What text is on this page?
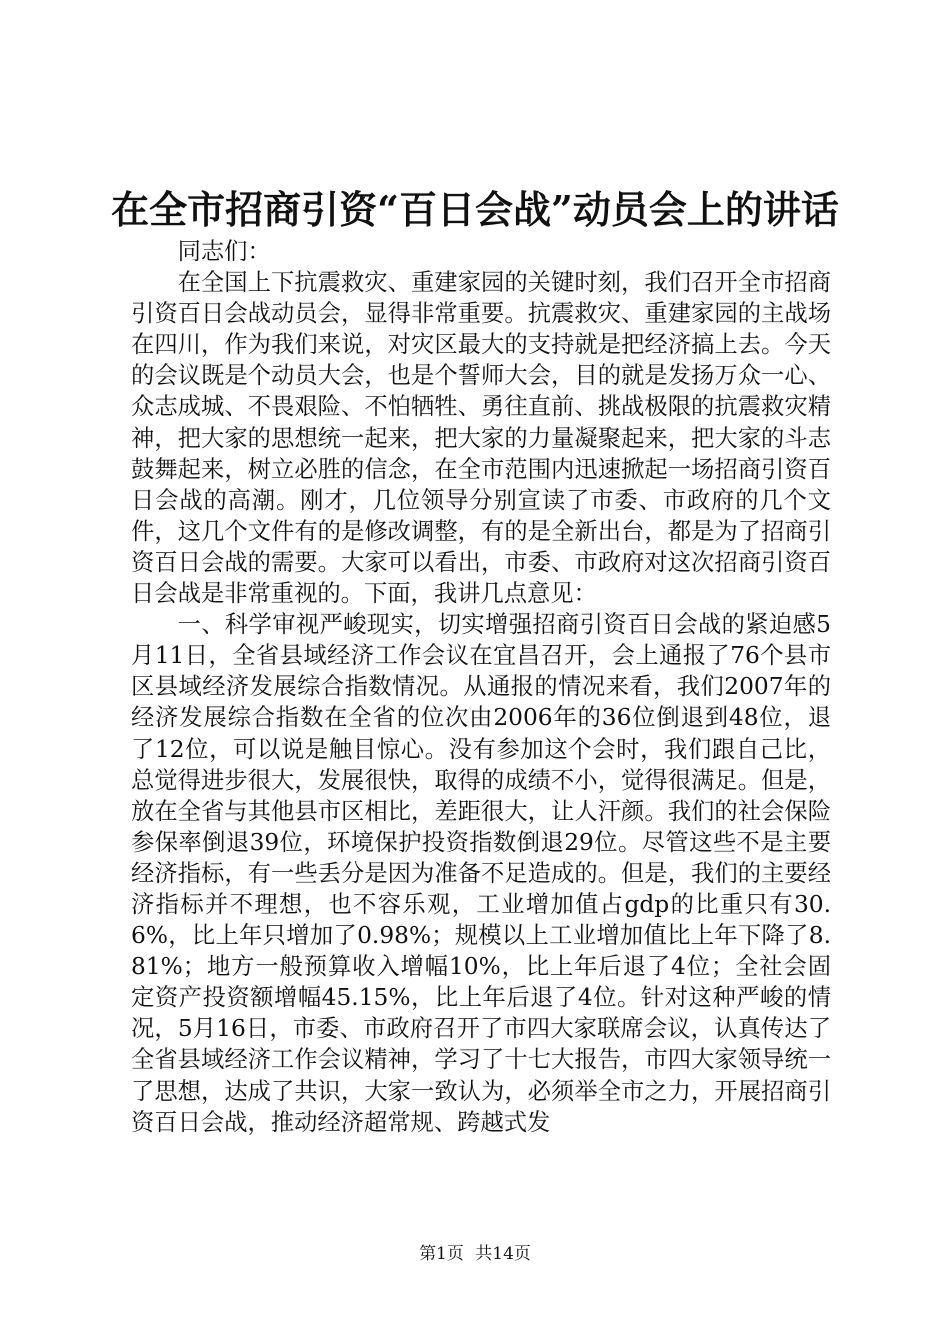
在全市招商引资“百日会战”动员会上的讲话

同志们：

在全国上下抗震救灾、重建家园的关键时刻，我们召开全市招商引资百日会战动员会，显得非常重要。抗震救灾、重建家园的主战场在四川，作为我们来说，对灾区最大的支持就是把经济搞上去。今天的会议既是个动员大会，也是个誓师大会，目的就是发扬万众一心、众志成城、不畏艰险、不怕牺牲、勇往直前、挑战极限的抗震救灾精神，把大家的思想统一起来，把大家的力量凝聚起来，把大家的斗志鼓舞起来，树立必胜的信念，在全市范围内迅速掀起一场招商引资百日会战的高潮。刚才，几位领导分别宣读了市委、市政府的几个文件，这几个文件有的是修改调整，有的是全新出台，都是为了招商引资百日会战的需要。大家可以看出，市委、市政府对这次招商引资百日会战是非常重视的。下面，我讲几点意见：

一、科学审视严峻现实，切实增强招商引资百日会战的紧迫感5月11日，全省县域经济工作会议在宜昌召开，会上通报了76个县市区县域经济发展综合指数情况。从通报的情况来看，我们2007年的经济发展综合指数在全省的位次由2006年的36位倒退到48位，退了12位，可以说是触目惊心。没有参加这个会时，我们跟自己比，总觉得进步很大，发展很快，取得的成绩不小，觉得很满足。但是，放在全省与其他县市区相比，差距很大，让人汗颜。我们的社会保险参保率倒退39位，环境保护投资指数倒退29位。尽管这些不是主要经济指标，有一些丢分是因为准备不足造成的。但是，我们的主要经济指标并不理想，也不容乐观，工业增加值占gdp的比重只有30.6%，比上年只增加了0.98%；规模以上工业增加值比上年下降了8.81%；地方一般预算收入增幅10%，比上年后退了4位；全社会固定资产投资额增幅45.15%，比上年后退了4位。针对这种严峻的情况，5月16日，市委、市政府召开了市四大家联席会议，认真传达了全省县域经济工作会议精神，学习了十七大报告，市四大家领导统一了思想，达成了共识，大家一致认为，必须举全市之力，开展招商引资百日会战，推动经济超常规、跨越式发

第1页 共14页
